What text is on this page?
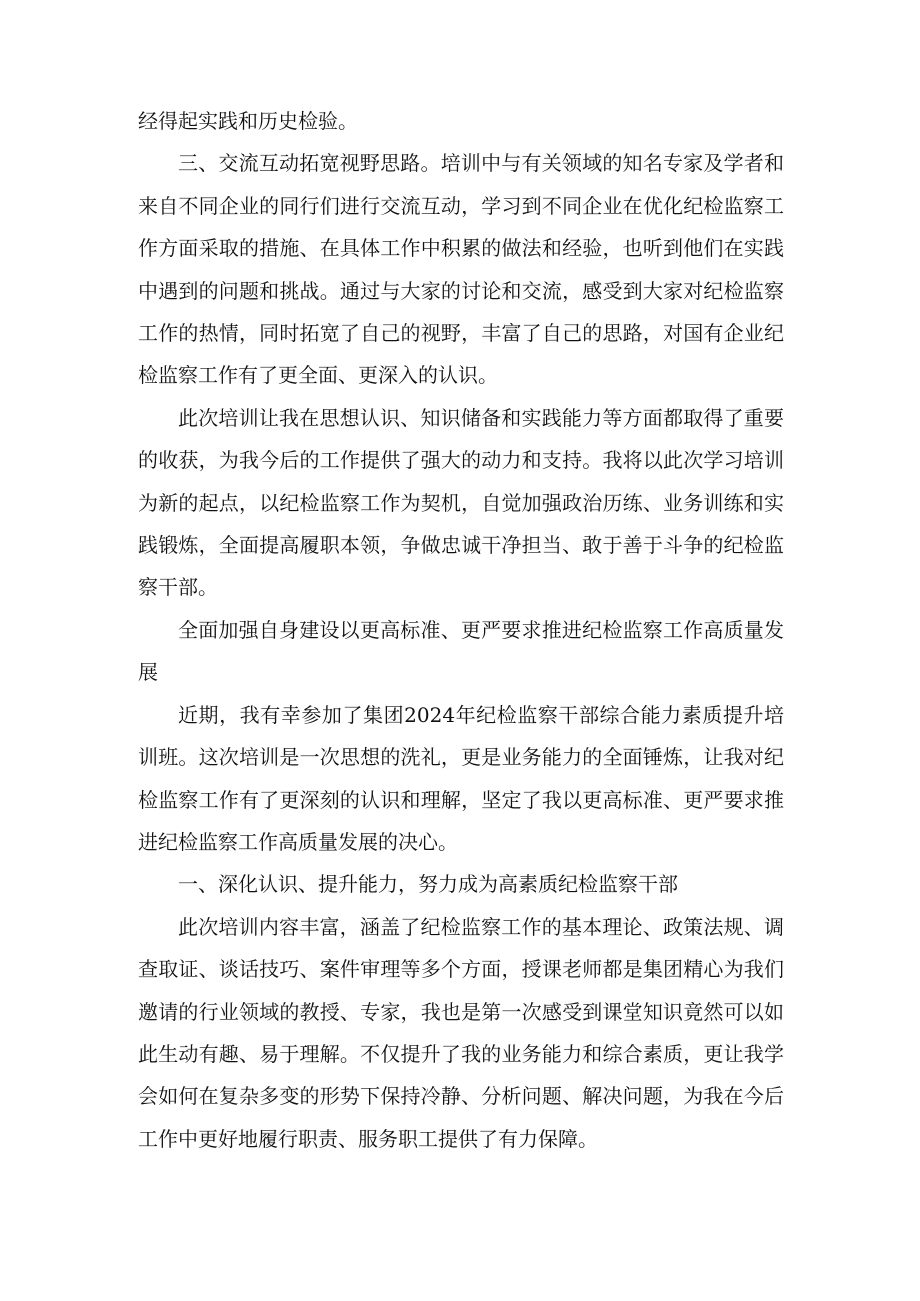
经得起实践和历史检验。

三、交流互动拓宽视野思路。培训中与有关领域的知名专家及学者和来自不同企业的同行们进行交流互动，学习到不同企业在优化纪检监察工作方面采取的措施、在具体工作中积累的做法和经验，也听到他们在实践中遇到的问题和挑战。通过与大家的讨论和交流，感受到大家对纪检监察工作的热情，同时拓宽了自己的视野，丰富了自己的思路，对国有企业纪检监察工作有了更全面、更深入的认识。

此次培训让我在思想认识、知识储备和实践能力等方面都取得了重要的收获，为我今后的工作提供了强大的动力和支持。我将以此次学习培训为新的起点，以纪检监察工作为契机，自觉加强政治历练、业务训练和实践锻炼，全面提高履职本领，争做忠诚干净担当、敢于善于斗争的纪检监察干部。

全面加强自身建设以更高标准、更严要求推进纪检监察工作高质量发展

近期，我有幸参加了集团2024年纪检监察干部综合能力素质提升培训班。这次培训是一次思想的洗礼，更是业务能力的全面锤炼，让我对纪检监察工作有了更深刻的认识和理解，坚定了我以更高标准、更严要求推进纪检监察工作高质量发展的决心。

一、深化认识、提升能力，努力成为高素质纪检监察干部

此次培训内容丰富，涵盖了纪检监察工作的基本理论、政策法规、调查取证、谈话技巧、案件审理等多个方面，授课老师都是集团精心为我们邀请的行业领域的教授、专家，我也是第一次感受到课堂知识竟然可以如此生动有趣、易于理解。不仅提升了我的业务能力和综合素质，更让我学会如何在复杂多变的形势下保持冷静、分析问题、解决问题，为我在今后工作中更好地履行职责、服务职工提供了有力保障。
